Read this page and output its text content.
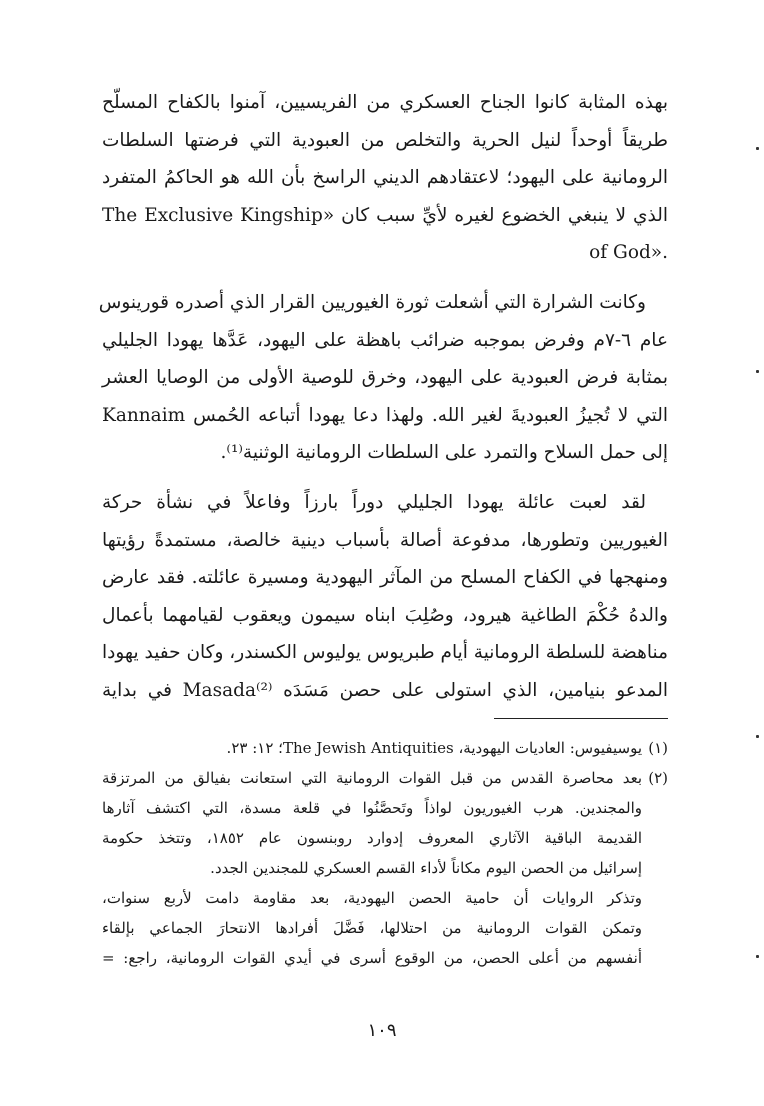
بهذه المثابة كانوا الجناح العسكري من الفريسيين، آمنوا بالكفاح المسلّح
طريقاً أوحداً لنيل الحرية والتخلص من العبودية التي فرضتها السلطات
الرومانية على اليهود؛ لاعتقادهم الديني الراسخ بأن الله هو الحاكمُ المتفرد
الذي لا ينبغي الخضوع لغيره لأيِّ سبب كان «The Exclusive Kingship
of God».
وكانت الشرارة التي أشعلت ثورة الغيوريين القرار الذي أصدره قورينوس
عام ٦-٧م وفرض بموجبه ضرائب باهظة على اليهود، عَدَّها يهودا الجليلي
بمثابة فرض العبودية على اليهود، وخرق للوصية الأولى من الوصايا العشر
التي لا تُجيزُ العبوديةَ لغير الله. ولهذا دعا يهودا أتباعه الحُمس Kannaim
إلى حمل السلاح والتمرد على السلطات الرومانية الوثنية⁽¹⁾.
لقد لعبت عائلة يهودا الجليلي دوراً بارزاً وفاعلاً في نشأة حركة
الغيوريين وتطورها، مدفوعة أصالة بأسباب دينية خالصة، مستمدةً رؤيتها
ومنهجها في الكفاح المسلح من المآثر اليهودية ومسيرة عائلته. فقد عارض
والدهُ حُكْمَ الطاغية هيرود، وصُلِبَ ابناه سيمون ويعقوب لقيامهما بأعمال
مناهضة للسلطة الرومانية أيام طبريوس يوليوس الكسندر، وكان حفيد يهودا
المدعو بنيامين، الذي استولى على حصن مَسَدَه Masada⁽²⁾ في بداية
(١)يوسيفيوس: العاديات اليهودية، The Jewish Antiquities؛ ١٢: ٢٣.
(٢)بعد محاصرة القدس من قبل القوات الرومانية التي استعانت بفيالق من المرتزقة
والمجندين. هرب الغيوريون لواذاً وتَحصَّنُوا في قلعة مسدة، التي اكتشف آثارها
القديمة الباقية الآثاري المعروف إدوارد روبنسون عام ١٨٥٢، وتتخذ حكومة
إسرائيل من الحصن اليوم مكاناً لأداء القسم العسكري للمجندين الجدد.
وتذكر الروايات أن حامية الحصن اليهودية، بعد مقاومة دامت لأربع سنوات،
وتمكن القوات الرومانية من احتلالها، فَضَّلَ أفرادها الانتحارَ الجماعي بإلقاء
أنفسهم من أعلى الحصن، من الوقوع أسرى في أيدي القوات الرومانية، راجع: =
١٠٩
